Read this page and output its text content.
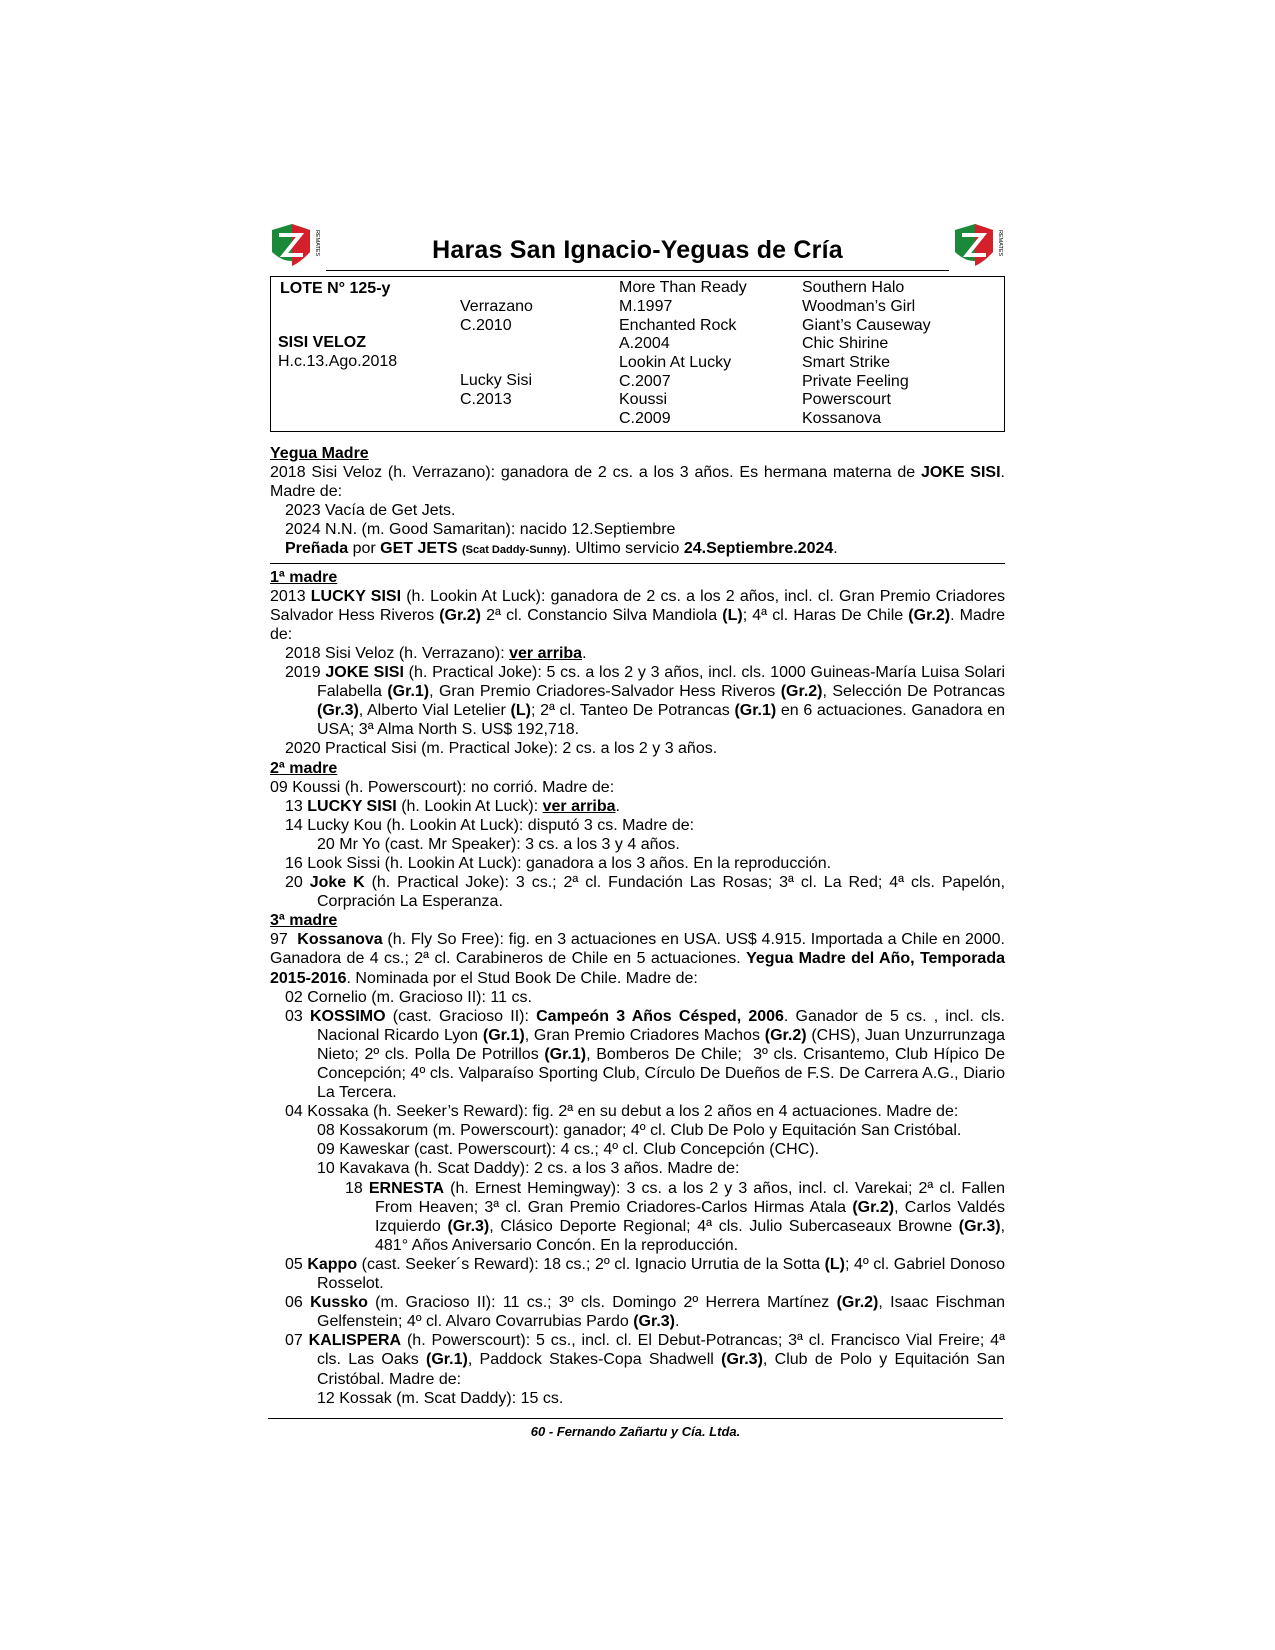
REMATES	Haras San Ignacio-Yeguas de Cría	REMATES
LOTE N° 125-y
SISI VELOZ
H.c.13.Ago.2018
Verrazano
C.2010
Lucky Sisi
C.2013
More Than Ready
M.1997
Enchanted Rock
A.2004
Lookin At Lucky
C.2007
Koussi
C.2009
Southern Halo
Woodman’s Girl
Giant’s Causeway
Chic Shirine
Smart Strike
Private Feeling
Powerscourt
Kossanova

Yegua Madre

2018 Sisi Veloz (h. Verrazano): ganadora de 2 cs. a los 3 años. Es hermana materna de JOKE SISI. Madre de:

2023 Vacía de Get Jets.

2024 N.N. (m. Good Samaritan): nacido 12.Septiembre

Preñada por GET JETS (Scat Daddy-Sunny). Ultimo servicio 24.Septiembre.2024.

1ª madre

2013 LUCKY SISI (h. Lookin At Luck): ganadora de 2 cs. a los 2 años, incl. cl. Gran Premio Criadores Salvador Hess Riveros (Gr.2) 2ª cl. Constancio Silva Mandiola (L); 4ª cl. Haras De Chile (Gr.2). Madre de:

2018 Sisi Veloz (h. Verrazano): ver arriba.

2019 JOKE SISI (h. Practical Joke): 5 cs. a los 2 y 3 años, incl. cls. 1000 Guineas-María Luisa Solari Falabella (Gr.1), Gran Premio Criadores-Salvador Hess Riveros (Gr.2), Selección De Potrancas (Gr.3), Alberto Vial Letelier (L); 2ª cl. Tanteo De Potrancas (Gr.1) en 6 actuaciones. Ganadora en USA; 3ª Alma North S. US$ 192,718.

2020 Practical Sisi (m. Practical Joke): 2 cs. a los 2 y 3 años.

2ª madre

09 Koussi (h. Powerscourt): no corrió. Madre de:

13 LUCKY SISI (h. Lookin At Luck): ver arriba.

14 Lucky Kou (h. Lookin At Luck): disputó 3 cs. Madre de:

20 Mr Yo (cast. Mr Speaker): 3 cs. a los 3 y 4 años.

16 Look Sissi (h. Lookin At Luck): ganadora a los 3 años. En la reproducción.

20 Joke K (h. Practical Joke): 3 cs.; 2ª cl. Fundación Las Rosas; 3ª cl. La Red; 4ª cls. Papelón, Corpración La Esperanza.

3ª madre

97  Kossanova (h. Fly So Free): fig. en 3 actuaciones en USA. US$ 4.915. Importada a Chile en 2000. Ganadora de 4 cs.; 2ª cl. Carabineros de Chile en 5 actuaciones. Yegua Madre del Año, Temporada 2015-2016. Nominada por el Stud Book De Chile. Madre de:

02 Cornelio (m. Gracioso II): 11 cs.

03 KOSSIMO (cast. Gracioso II): Campeón 3 Años Césped, 2006. Ganador de 5 cs. , incl. cls. Nacional Ricardo Lyon (Gr.1), Gran Premio Criadores Machos (Gr.2) (CHS), Juan Unzurrunzaga Nieto; 2º cls. Polla De Potrillos (Gr.1), Bomberos De Chile;  3º cls. Crisantemo, Club Hípico De Concepción; 4º cls. Valparaíso Sporting Club, Círculo De Dueños de F.S. De Carrera A.G., Diario La Tercera.

04 Kossaka (h. Seeker’s Reward): fig. 2ª en su debut a los 2 años en 4 actuaciones. Madre de:

08 Kossakorum (m. Powerscourt): ganador; 4º cl. Club De Polo y Equitación San Cristóbal.

09 Kaweskar (cast. Powerscourt): 4 cs.; 4º cl. Club Concepción (CHC).

10 Kavakava (h. Scat Daddy): 2 cs. a los 3 años. Madre de:

18 ERNESTA (h. Ernest Hemingway): 3 cs. a los 2 y 3 años, incl. cl. Varekai; 2ª cl. Fallen From Heaven; 3ª cl. Gran Premio Criadores-Carlos Hirmas Atala (Gr.2), Carlos Valdés Izquierdo (Gr.3), Clásico Deporte Regional; 4ª cls. Julio Subercaseaux Browne (Gr.3), 481° Años Aniversario Concón. En la reproducción.

05 Kappo (cast. Seeker´s Reward): 18 cs.; 2º cl. Ignacio Urrutia de la Sotta (L); 4º cl. Gabriel Donoso Rosselot.

06 Kussko (m. Gracioso II): 11 cs.; 3º cls. Domingo 2º Herrera Martínez (Gr.2), Isaac Fischman Gelfenstein; 4º cl. Alvaro Covarrubias Pardo (Gr.3).

07 KALISPERA (h. Powerscourt): 5 cs., incl. cl. El Debut-Potrancas; 3ª cl. Francisco Vial Freire; 4ª cls. Las Oaks (Gr.1), Paddock Stakes-Copa Shadwell (Gr.3), Club de Polo y Equitación San Cristóbal. Madre de:

12 Kossak (m. Scat Daddy): 15 cs.

60 - Fernando Zañartu y Cía. Ltda.
